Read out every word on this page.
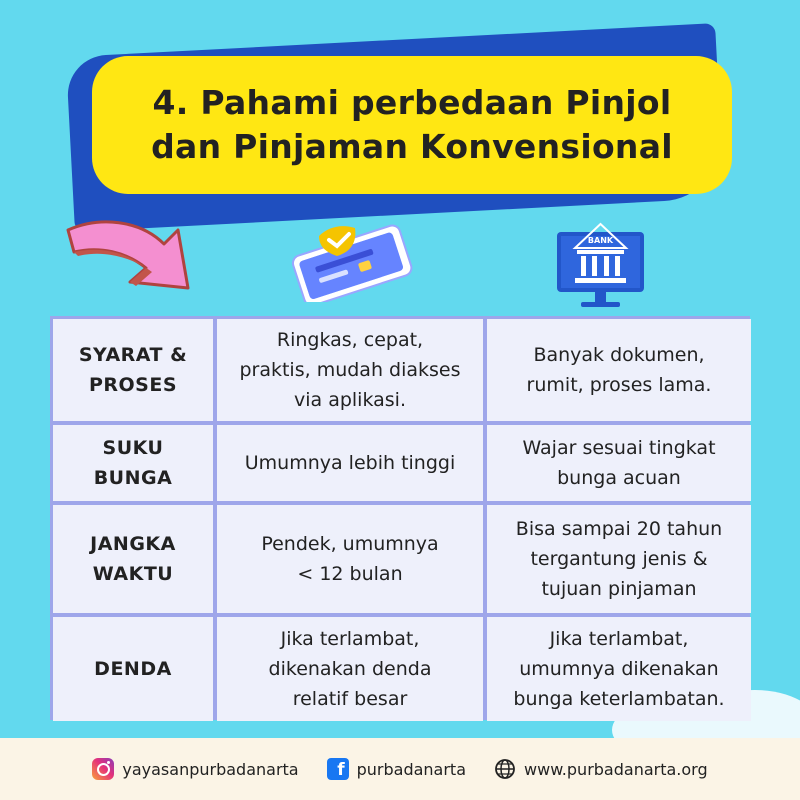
4. Pahami perbedaan Pinjol
dan Pinjaman Konvensional
BANK
SYARAT &
PROSES
Ringkas, cepat,
praktis, mudah diakses
via aplikasi.
Banyak dokumen,
rumit, proses lama.
SUKU
BUNGA
Umumnya lebih tinggi
Wajar sesuai tingkat
bunga acuan
JANGKA
WAKTU
Pendek, umumnya
< 12 bulan
Bisa sampai 20 tahun
tergantung jenis &
tujuan pinjaman
DENDA
Jika terlambat,
dikenakan denda
relatif besar
Jika terlambat,
umumnya dikenakan
bunga keterlambatan.
yayasanpurbadanarta	f purbadanarta	www.purbadanarta.org
